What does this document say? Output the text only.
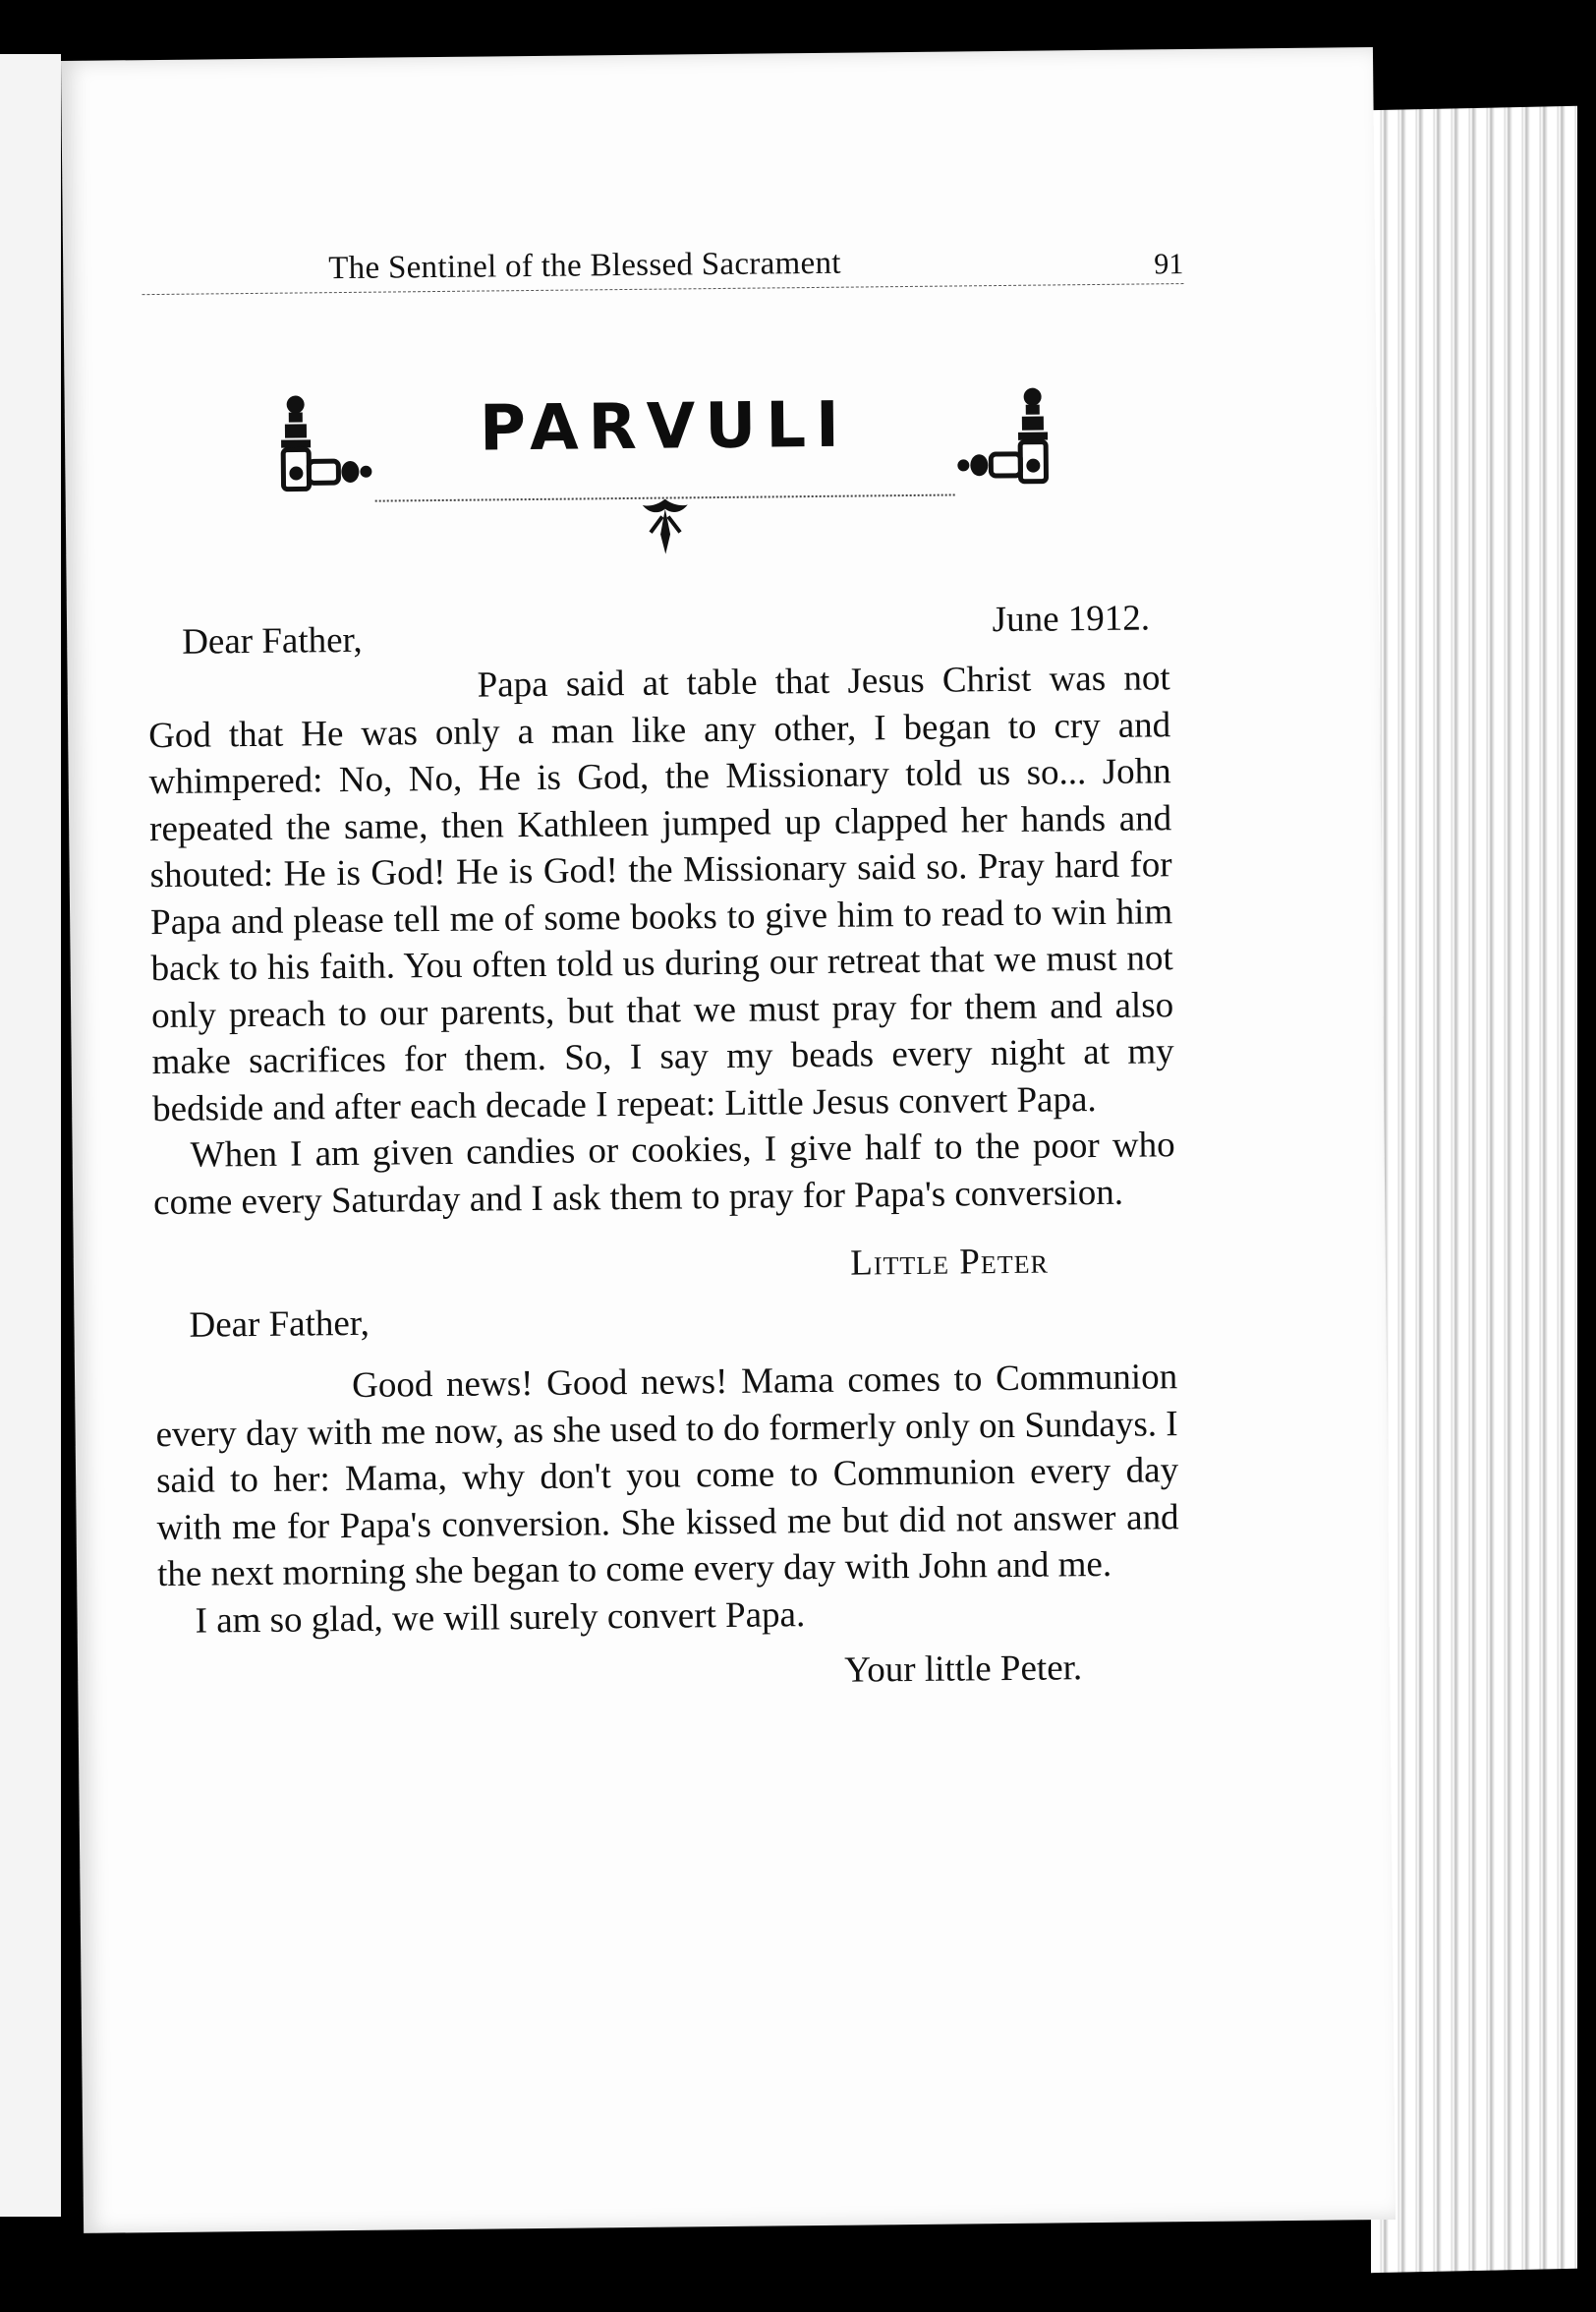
The Sentinel of the Blessed Sacrament	91
PARVULI

June 1912.

Dear Father,

Papa said at table that Jesus Christ was not God that He was only a man like any other, I began to cry and whimpered: No, No, He is God, the Missionary told us so... John repeated the same, then Kathleen jumped up clapped her hands and shouted: He is God! He is God! the Missionary said so. Pray hard for Papa and please tell me of some books to give him to read to win him back to his faith. You often told us during our retreat that we must not only preach to our parents, but that we must pray for them and also make sacrifices for them. So, I say my beads every night at my bedside and after each decade I repeat: Little Jesus convert Papa.

When I am given candies or cookies, I give half to the poor who come every Saturday and I ask them to pray for Papa's conversion.

Little Peter

Dear Father,

Good news! Good news! Mama comes to Communion every day with me now, as she used to do formerly only on Sundays. I said to her: Mama, why don't you come to Communion every day with me for Papa's conversion. She kissed me but did not answer and the next morning she began to come every day with John and me.

I am so glad, we will surely convert Papa.

Your little Peter.
